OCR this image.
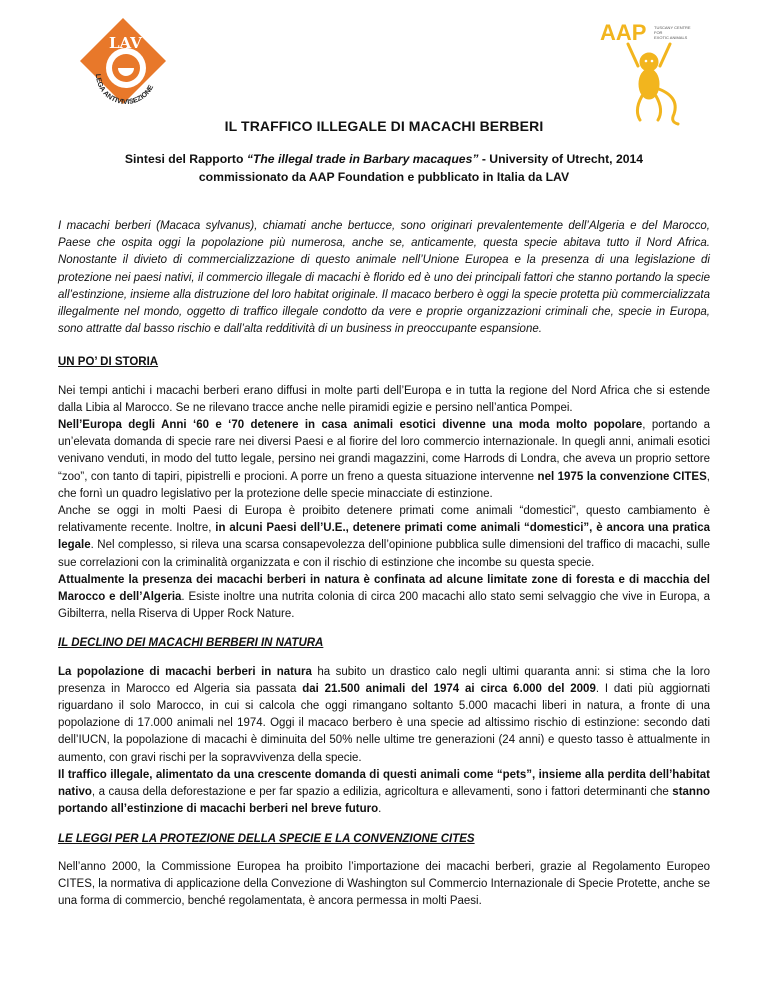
LAV
LEGA ANTIVIVISEZIONE
AAP TUSCANY CENTRE
FOR
EXOTIC ANIMALS
IL TRAFFICO ILLEGALE DI MACACHI BERBERI
Sintesi del Rapporto “The illegal trade in Barbary macaques” - University of Utrecht, 2014
commissionato da AAP Foundation e pubblicato in Italia da LAV

I macachi berberi (Macaca sylvanus), chiamati anche bertucce, sono originari prevalentemente dell’Algeria e del Marocco, Paese che ospita oggi la popolazione più numerosa, anche se, anticamente, questa specie abitava tutto il Nord Africa. Nonostante il divieto di commercializzazione di questo animale nell’Unione Europea e la presenza di una legislazione di protezione nei paesi nativi, il commercio illegale di macachi è florido ed è uno dei principali fattori che stanno portando la specie all’estinzione, insieme alla distruzione del loro habitat originale. Il macaco berbero è oggi la specie protetta più commercializzata illegalmente nel mondo, oggetto di traffico illegale condotto da vere e proprie organizzazioni criminali che, specie in Europa, sono attratte dal basso rischio e dall’alta redditività di un business in preoccupante espansione.

UN PO’ DI STORIA

Nei tempi antichi i macachi berberi erano diffusi in molte parti dell’Europa e in tutta la regione del Nord Africa che si estende dalla Libia al Marocco. Se ne rilevano tracce anche nelle piramidi egizie e persino nell’antica Pompei.

Nell’Europa degli Anni ‘60 e ‘70 detenere in casa animali esotici divenne una moda molto popolare, portando a un’elevata domanda di specie rare nei diversi Paesi e al fiorire del loro commercio internazionale. In quegli anni, animali esotici venivano venduti, in modo del tutto legale, persino nei grandi magazzini, come Harrods di Londra, che aveva un proprio settore “zoo”, con tanto di tapiri, pipistrelli e procioni. A porre un freno a questa situazione intervenne nel 1975 la convenzione CITES, che fornì un quadro legislativo per la protezione delle specie minacciate di estinzione.

Anche se oggi in molti Paesi di Europa è proibito detenere primati come animali “domestici”, questo cambiamento è relativamente recente. Inoltre, in alcuni Paesi dell’U.E., detenere primati come animali “domestici”, è ancora una pratica legale. Nel complesso, si rileva una scarsa consapevolezza dell’opinione pubblica sulle dimensioni del traffico di macachi, sulle sue correlazioni con la criminalità organizzata e con il rischio di estinzione che incombe su questa specie.

Attualmente la presenza dei macachi berberi in natura è confinata ad alcune limitate zone di foresta e di macchia del Marocco e dell’Algeria. Esiste inoltre una nutrita colonia di circa 200 macachi allo stato semi selvaggio che vive in Europa, a Gibilterra, nella Riserva di Upper Rock Nature.

IL DECLINO DEI MACACHI BERBERI IN NATURA

La popolazione di macachi berberi in natura ha subito un drastico calo negli ultimi quaranta anni: si stima che la loro presenza in Marocco ed Algeria sia passata dai 21.500 animali del 1974 ai circa 6.000 del 2009. I dati più aggiornati riguardano il solo Marocco, in cui si calcola che oggi rimangano soltanto 5.000 macachi liberi in natura, a fronte di una popolazione di 17.000 animali nel 1974. Oggi il macaco berbero è una specie ad altissimo rischio di estinzione: secondo dati dell’IUCN, la popolazione di macachi è diminuita del 50% nelle ultime tre generazioni (24 anni) e questo tasso è attualmente in aumento, con gravi rischi per la sopravvivenza della specie.

Il traffico illegale, alimentato da una crescente domanda di questi animali come “pets”, insieme alla perdita dell’habitat nativo, a causa della deforestazione e per far spazio a edilizia, agricoltura e allevamenti, sono i fattori determinanti che stanno portando all’estinzione di macachi berberi nel breve futuro.

LE LEGGI PER LA PROTEZIONE DELLA SPECIE E LA CONVENZIONE CITES

Nell’anno 2000, la Commissione Europea ha proibito l’importazione dei macachi berberi, grazie al Regolamento Europeo CITES, la normativa di applicazione della Convezione di Washington sul Commercio Internazionale di Specie Protette, anche se una forma di commercio, benché regolamentata, è ancora permessa in molti Paesi.
